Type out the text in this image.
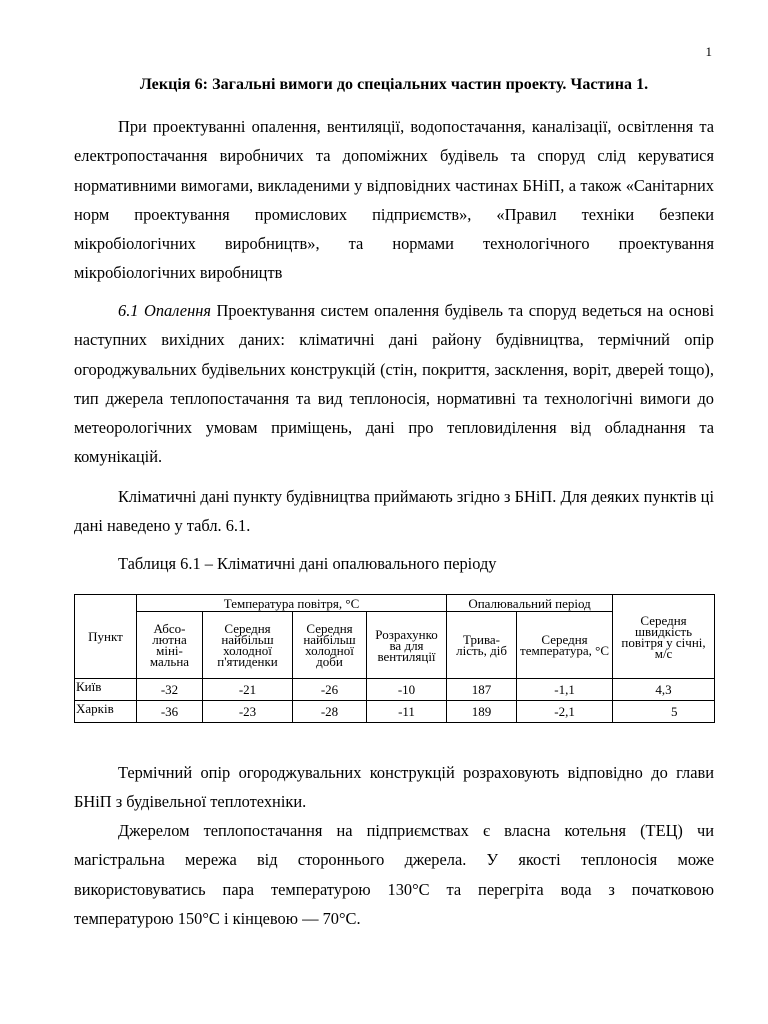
1
Лекція 6: Загальні вимоги до спеціальних частин проекту. Частина 1.

При проектуванні опалення, вентиляції, водопостачання, каналізації, освітлення та електропостачання виробничих та допоміжних будівель та споруд слід керуватися нормативними вимогами, викладеними у відповідних частинах БНіП, а також «Санітарних норм проектування промислових підприємств», «Правил техніки безпеки мікробіологічних виробництв», та нормами технологічного проектування мікробіологічних виробництв

6.1 Опалення Проектування систем опалення будівель та споруд ведеться на основі наступних вихідних даних: кліматичні дані району будівництва, термічний опір огороджувальних будівельних конструкцій (стін, покриття, засклення, воріт, дверей тощо), тип джерела теплопостачання та вид теплоносія, нормативні та технологічні вимоги до метеорологічних умовам приміщень, дані про тепловиділення від обладнання та комунікацій.

Кліматичні дані пункту будівництва приймають згідно з БНіП. Для деяких пунктів ці дані наведено у табл. 6.1.

Таблиця 6.1 – Кліматичні дані опалювального періоду
Пункт	Температура повітря, °С				Опалювальний період		Середня швидкість повітря у січні, м/с
	Абсо-лютна міні-мальна	Середня найбільш холодної п'ятиденки	Середня найбільш холодної доби	Розрахунко ва для вентиляції	Трива-лість, діб	Середня температура, °С	
Київ	-32	-21	-26	-10	187	-1,1	4,3
Харків	-36	-23	-28	-11	189	-2,1	5

Термічний опір огороджувальних конструкцій розраховують відповідно до глави БНіП з будівельної теплотехніки.

Джерелом теплопостачання на підприємствах є власна котельня (ТЕЦ) чи магістральна мережа від стороннього джерела. У якості теплоносія може використовуватись пара температурою 130°С та перегріта вода з початковою температурою 150°С і кінцевою — 70°С.
